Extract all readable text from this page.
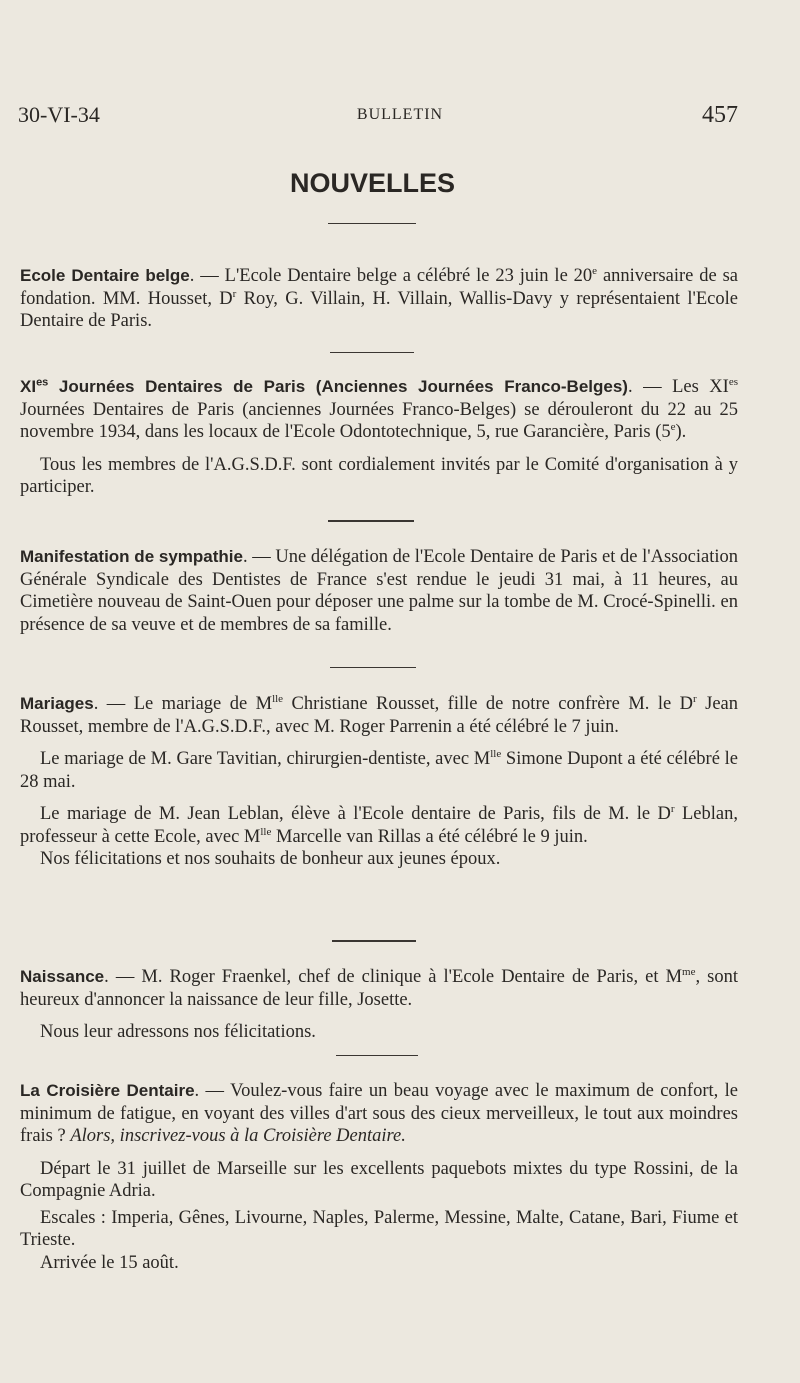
30-VI-34	BULLETIN	457
NOUVELLES

Ecole Dentaire belge. — L'Ecole Dentaire belge a célébré le 23 juin le 20e anniversaire de sa fondation. MM. Housset, $D^r$ Roy, G. Villain, H. Villain, Wallis-Davy y représentaient l'Ecole Dentaire de Paris.

$XI^{es}$ Journées Dentaires de Paris (Anciennes Journées Franco-Belges). — Les $XI^{es}$ Journées Dentaires de Paris (anciennes Journées Franco-Belges) se dérouleront du 22 au 25 novembre 1934, dans les locaux de l'Ecole Odontotechnique, 5, rue Garancière, Paris (5e).

Tous les membres de l'A.G.S.D.F. sont cordialement invités par le Comité d'organisation à y participer.

Manifestation de sympathie. — Une délégation de l'Ecole Dentaire de Paris et de l'Association Générale Syndicale des Dentistes de France s'est rendue le jeudi 31 mai, à 11 heures, au Cimetière nouveau de Saint-Ouen pour déposer une palme sur la tombe de M. Crocé-Spinelli. en présence de sa veuve et de membres de sa famille.

Mariages. — Le mariage de $M^{lle}$ Christiane Rousset, fille de notre confrère M. le $D^r$ Jean Rousset, membre de l'A.G.S.D.F., avec M. Roger Parrenin a été célébré le 7 juin.

Le mariage de M. Gare Tavitian, chirurgien-dentiste, avec $M^{lle}$ Simone Dupont a été célébré le 28 mai.

Le mariage de M. Jean Leblan, élève à l'Ecole dentaire de Paris, fils de M. le $D^r$ Leblan, professeur à cette Ecole, avec $M^{lle}$ Marcelle van Rillas a été célébré le 9 juin.

Nos félicitations et nos souhaits de bonheur aux jeunes époux.

Naissance. — M. Roger Fraenkel, chef de clinique à l'Ecole Dentaire de Paris, et $M^{me}$, sont heureux d'annoncer la naissance de leur fille, Josette.

Nous leur adressons nos félicitations.

La Croisière Dentaire. — Voulez-vous faire un beau voyage avec le maximum de confort, le minimum de fatigue, en voyant des villes d'art sous des cieux merveilleux, le tout aux moindres frais ? Alors, inscrivez-vous à la Croisière Dentaire.

Départ le 31 juillet de Marseille sur les excellents paquebots mixtes du type Rossini, de la Compagnie Adria.

Escales : Imperia, Gênes, Livourne, Naples, Palerme, Messine, Malte, Catane, Bari, Fiume et Trieste.

Arrivée le 15 août.
